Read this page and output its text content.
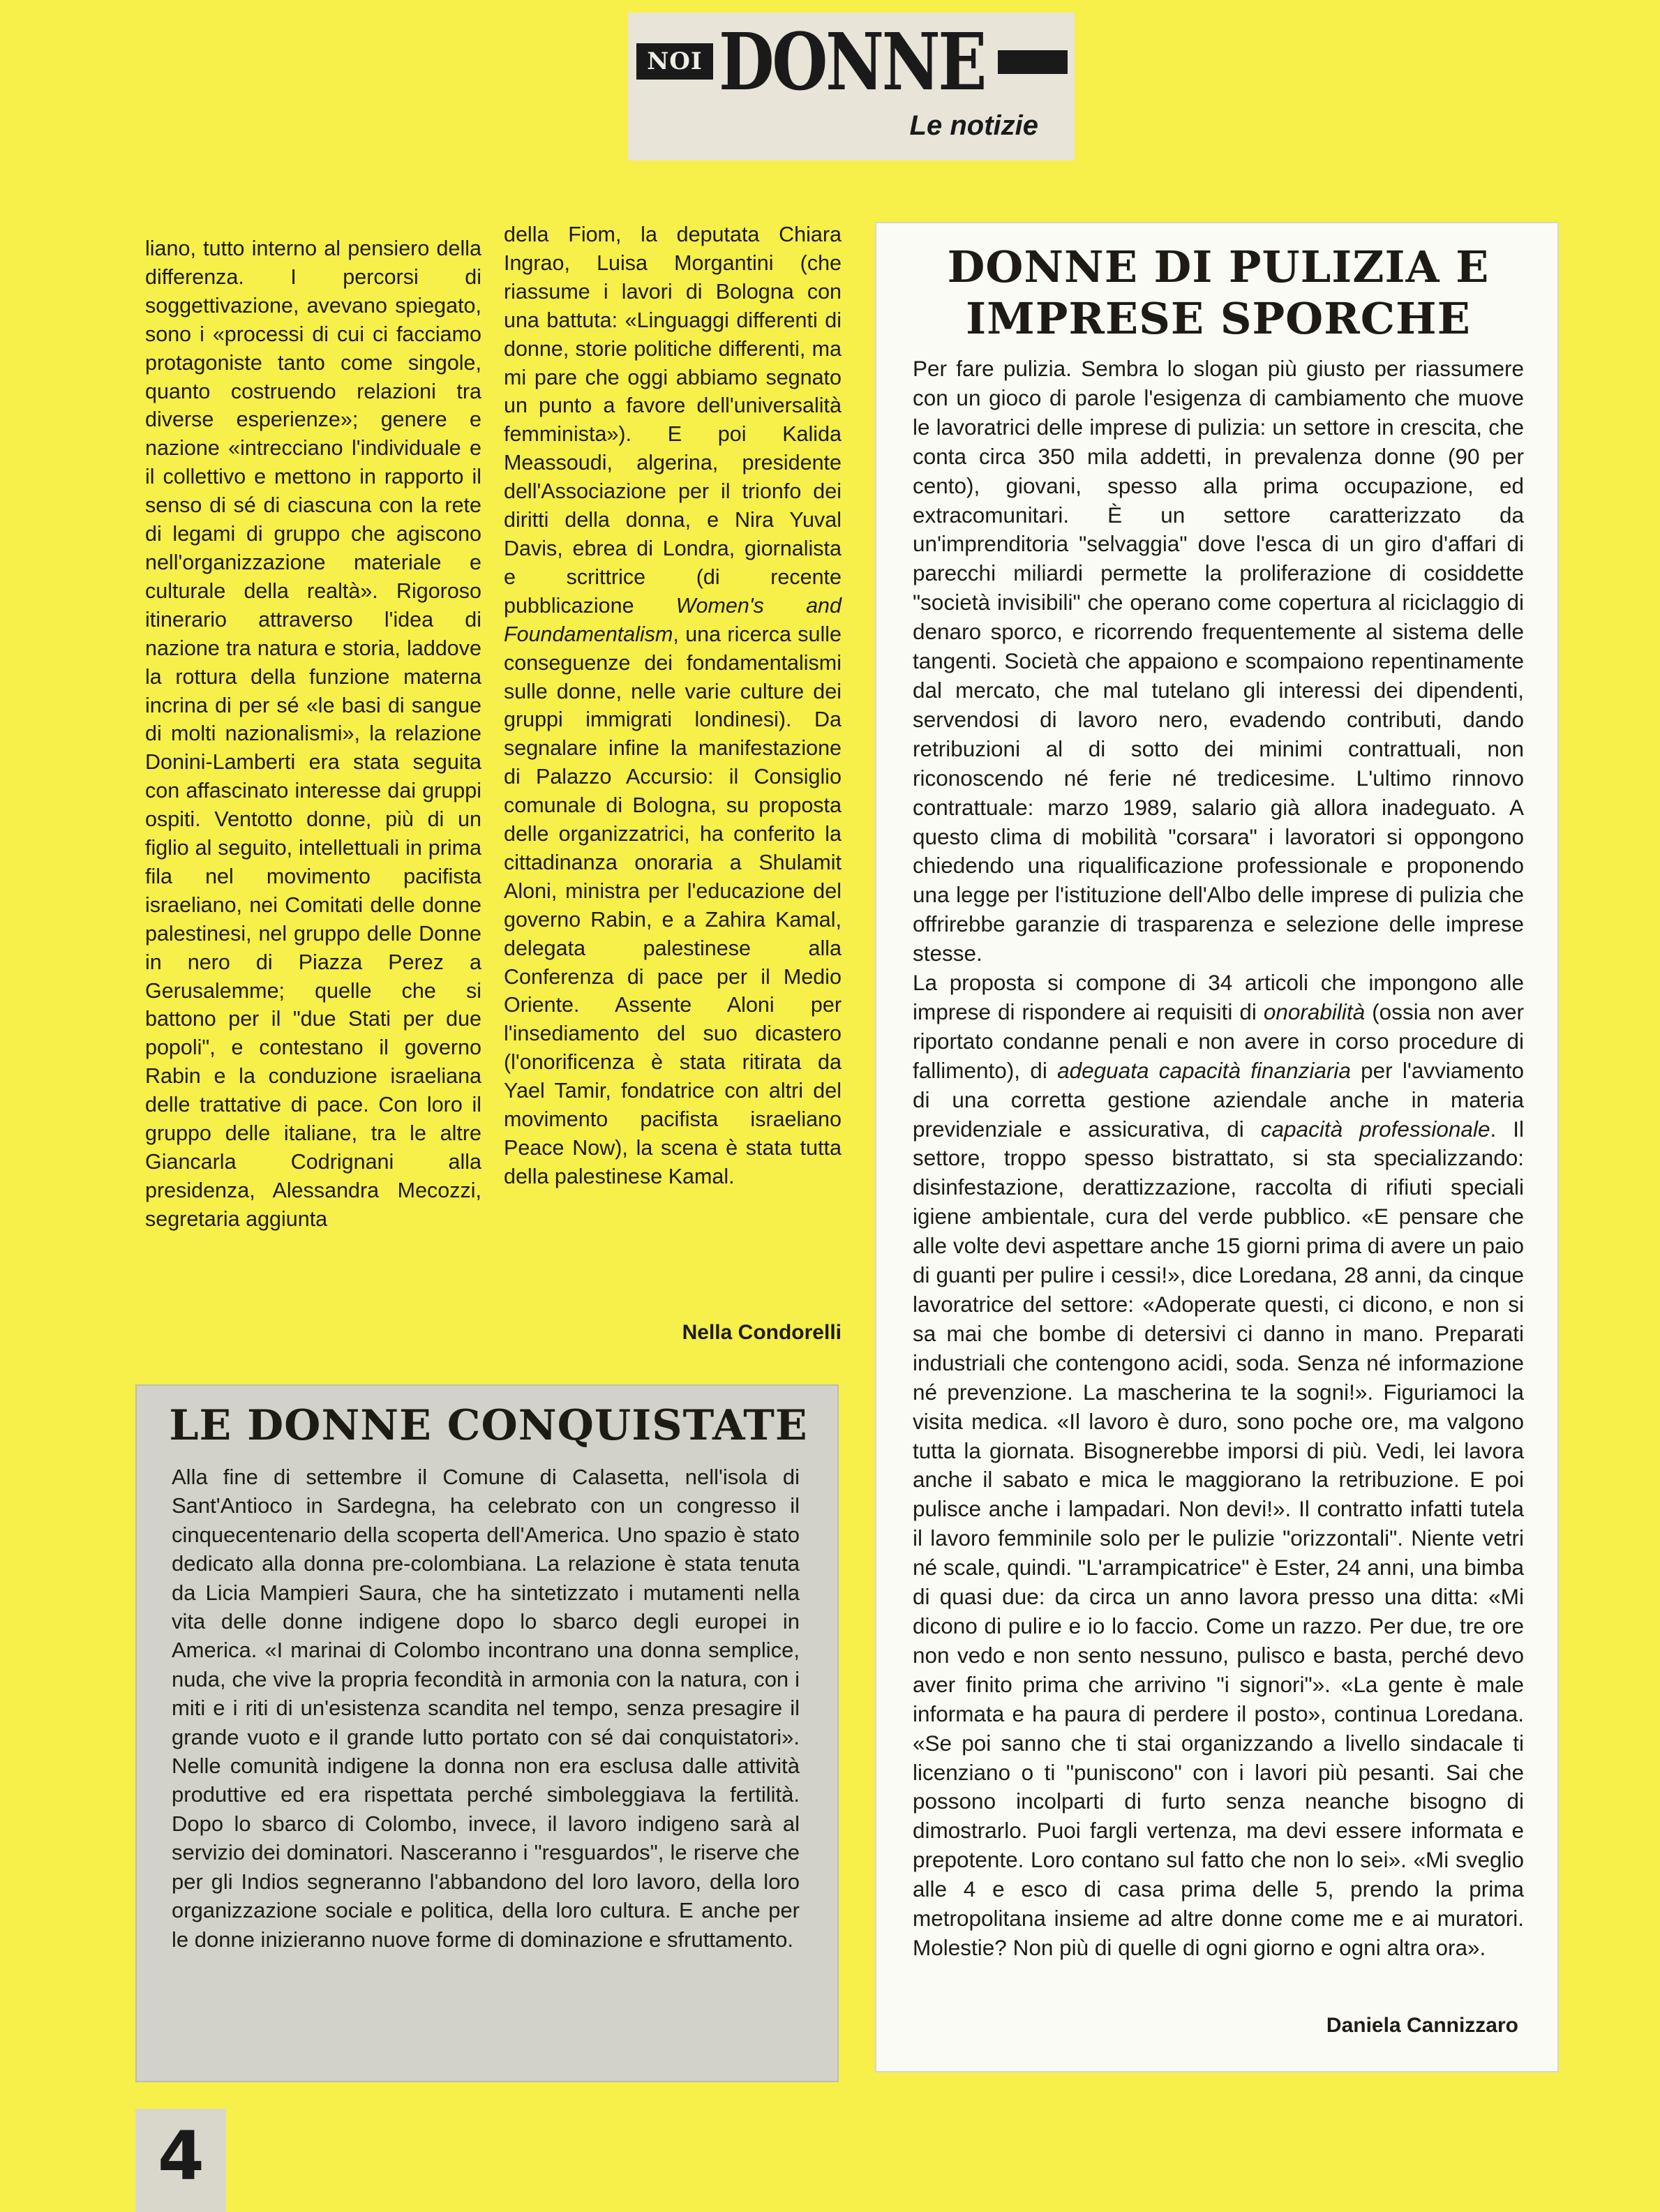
NOI DONNE
Le notizie

liano, tutto interno al pensiero della differenza. I percorsi di soggettivazione, avevano spiegato, sono i «processi di cui ci facciamo protagoniste tanto come singole, quanto costruendo relazioni tra diverse esperienze»; genere e nazione «intrecciano l'individuale e il collettivo e mettono in rapporto il senso di sé di ciascuna con la rete di legami di gruppo che agiscono nell'organizzazione materiale e culturale della realtà». Rigoroso itinerario attraverso l'idea di nazione tra natura e storia, laddove la rottura della funzione materna incrina di per sé «le basi di sangue di molti nazionalismi», la relazione Donini-Lamberti era stata seguita con affascinato interesse dai gruppi ospiti. Ventotto donne, più di un figlio al seguito, intellettuali in prima fila nel movimento pacifista israeliano, nei Comitati delle donne palestinesi, nel gruppo delle Donne in nero di Piazza Perez a Gerusalemme; quelle che si battono per il "due Stati per due popoli", e contestano il governo Rabin e la conduzione israeliana delle trattative di pace. Con loro il gruppo delle italiane, tra le altre Giancarla Codrignani alla presidenza, Alessandra Mecozzi, segretaria aggiunta

della Fiom, la deputata Chiara Ingrao, Luisa Morgantini (che riassume i lavori di Bologna con una battuta: «Linguaggi differenti di donne, storie politiche differenti, ma mi pare che oggi abbiamo segnato un punto a favore dell'universalità femminista»). E poi Kalida Meassoudi, algerina, presidente dell'Associazione per il trionfo dei diritti della donna, e Nira Yuval Davis, ebrea di Londra, giornalista e scrittrice (di recente pubblicazione Women's and Foundamentalism, una ricerca sulle conseguenze dei fondamentalismi sulle donne, nelle varie culture dei gruppi immigrati londinesi). Da segnalare infine la manifestazione di Palazzo Accursio: il Consiglio comunale di Bologna, su proposta delle organizzatrici, ha conferito la cittadinanza onoraria a Shulamit Aloni, ministra per l'educazione del governo Rabin, e a Zahira Kamal, delegata palestinese alla Conferenza di pace per il Medio Oriente. Assente Aloni per l'insediamento del suo dicastero (l'onorificenza è stata ritirata da Yael Tamir, fondatrice con altri del movimento pacifista israeliano Peace Now), la scena è stata tutta della palestinese Kamal.

Nella Condorelli
DONNE DI PULIZIA E IMPRESE SPORCHE

Per fare pulizia. Sembra lo slogan più giusto per riassumere con un gioco di parole l'esigenza di cambiamento che muove le lavoratrici delle imprese di pulizia: un settore in crescita, che conta circa 350 mila addetti, in prevalenza donne (90 per cento), giovani, spesso alla prima occupazione, ed extracomunitari. È un settore caratterizzato da un'imprenditoria "selvaggia" dove l'esca di un giro d'affari di parecchi miliardi permette la proliferazione di cosiddette "società invisibili" che operano come copertura al riciclaggio di denaro sporco, e ricorrendo frequentemente al sistema delle tangenti. Società che appaiono e scompaiono repentinamente dal mercato, che mal tutelano gli interessi dei dipendenti, servendosi di lavoro nero, evadendo contributi, dando retribuzioni al di sotto dei minimi contrattuali, non riconoscendo né ferie né tredicesime. L'ultimo rinnovo contrattuale: marzo 1989, salario già allora inadeguato. A questo clima di mobilità "corsara" i lavoratori si oppongono chiedendo una riqualificazione professionale e proponendo una legge per l'istituzione dell'Albo delle imprese di pulizia che offrirebbe garanzie di trasparenza e selezione delle imprese stesse.

La proposta si compone di 34 articoli che impongono alle imprese di rispondere ai requisiti di onorabilità (ossia non aver riportato condanne penali e non avere in corso procedure di fallimento), di adeguata capacità finanziaria per l'avviamento di una corretta gestione aziendale anche in materia previdenziale e assicurativa, di capacità professionale. Il settore, troppo spesso bistrattato, si sta specializzando: disinfestazione, derattizzazione, raccolta di rifiuti speciali igiene ambientale, cura del verde pubblico. «E pensare che alle volte devi aspettare anche 15 giorni prima di avere un paio di guanti per pulire i cessi!», dice Loredana, 28 anni, da cinque lavoratrice del settore: «Adoperate questi, ci dicono, e non si sa mai che bombe di detersivi ci danno in mano. Preparati industriali che contengono acidi, soda. Senza né informazione né prevenzione. La mascherina te la sogni!». Figuriamoci la visita medica. «Il lavoro è duro, sono poche ore, ma valgono tutta la giornata. Bisognerebbe imporsi di più. Vedi, lei lavora anche il sabato e mica le maggiorano la retribuzione. E poi pulisce anche i lampadari. Non devi!». Il contratto infatti tutela il lavoro femminile solo per le pulizie "orizzontali". Niente vetri né scale, quindi. "L'arrampicatrice" è Ester, 24 anni, una bimba di quasi due: da circa un anno lavora presso una ditta: «Mi dicono di pulire e io lo faccio. Come un razzo. Per due, tre ore non vedo e non sento nessuno, pulisco e basta, perché devo aver finito prima che arrivino "i signori"». «La gente è male informata e ha paura di perdere il posto», continua Loredana. «Se poi sanno che ti stai organizzando a livello sindacale ti licenziano o ti "puniscono" con i lavori più pesanti. Sai che possono incolparti di furto senza neanche bisogno di dimostrarlo. Puoi fargli vertenza, ma devi essere informata e prepotente. Loro contano sul fatto che non lo sei». «Mi sveglio alle 4 e esco di casa prima delle 5, prendo la prima metropolitana insieme ad altre donne come me e ai muratori. Molestie? Non più di quelle di ogni giorno e ogni altra ora».

Daniela Cannizzaro
LE DONNE CONQUISTATE
Alla fine di settembre il Comune di Calasetta, nell'isola di Sant'Antioco in Sardegna, ha celebrato con un congresso il cinquecentenario della scoperta dell'America. Uno spazio è stato dedicato alla donna pre-colombiana. La relazione è stata tenuta da Licia Mampieri Saura, che ha sintetizzato i mutamenti nella vita delle donne indigene dopo lo sbarco degli europei in America. «I marinai di Colombo incontrano una donna semplice, nuda, che vive la propria fecondità in armonia con la natura, con i miti e i riti di un'esistenza scandita nel tempo, senza presagire il grande vuoto e il grande lutto portato con sé dai conquistatori». Nelle comunità indigene la donna non era esclusa dalle attività produttive ed era rispettata perché simboleggiava la fertilità. Dopo lo sbarco di Colombo, invece, il lavoro indigeno sarà al servizio dei dominatori. Nasceranno i "resguardos", le riserve che per gli Indios segneranno l'abbandono del loro lavoro, della loro organizzazione sociale e politica, della loro cultura. E anche per le donne inizieranno nuove forme di dominazione e sfruttamento.
4
